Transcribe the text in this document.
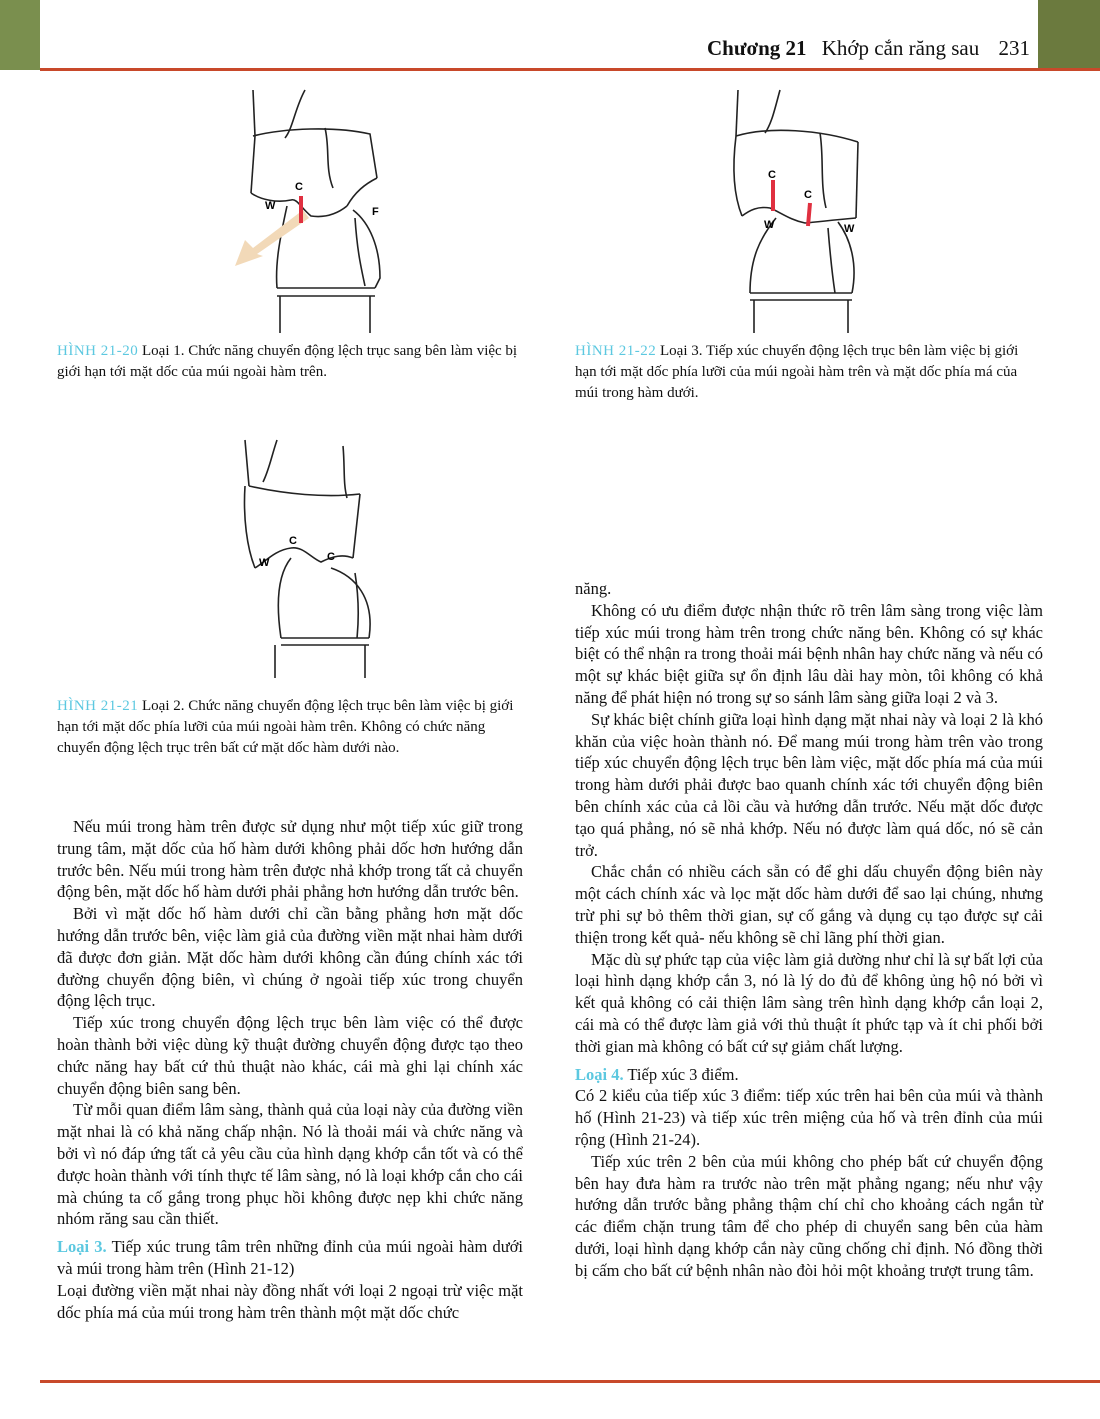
Chương 21 Khớp cắn răng sau 231
W
C
F
HÌNH 21-20 Loại 1. Chức năng chuyển động lệch trục sang bên làm việc bị giới hạn tới mặt dốc của múi ngoài hàm trên.
C
C
W	W
HÌNH 21-22 Loại 3. Tiếp xúc chuyển động lệch trục bên làm việc bị giới hạn tới mặt dốc phía lưỡi của múi ngoài hàm trên và mặt dốc phía má của múi trong hàm dưới.
W
C
C
HÌNH 21-21 Loại 2. Chức năng chuyển động lệch trục bên làm việc bị giới hạn tới mặt dốc phía lưỡi của múi ngoài hàm trên. Không có chức năng chuyển động lệch trục trên bất cứ mặt dốc hàm dưới nào.

Nếu múi trong hàm trên được sử dụng như một tiếp xúc giữ trong trung tâm, mặt dốc của hố hàm dưới không phải dốc hơn hướng dẫn trước bên. Nếu múi trong hàm trên được nhả khớp trong tất cả chuyển động bên, mặt dốc hố hàm dưới phải phẳng hơn hướng dẫn trước bên.

Bởi vì mặt dốc hố hàm dưới chỉ cần bằng phẳng hơn mặt dốc hướng dẫn trước bên, việc làm giả của đường viền mặt nhai hàm dưới đã được đơn giản. Mặt dốc hàm dưới không cần đúng chính xác tới đường chuyển động biên, vì chúng ở ngoài tiếp xúc trong chuyển động lệch trục.

Tiếp xúc trong chuyển động lệch trục bên làm việc có thể được hoàn thành bởi việc dùng kỹ thuật đường chuyển động được tạo theo chức năng hay bất cứ thủ thuật nào khác, cái mà ghi lại chính xác chuyển động biên sang bên.

Từ mỗi quan điểm lâm sàng, thành quả của loại này của đường viền mặt nhai là có khả năng chấp nhận. Nó là thoải mái và chức năng và bởi vì nó đáp ứng tất cả yêu cầu của hình dạng khớp cắn tốt và có thể được hoàn thành với tính thực tế lâm sàng, nó là loại khớp cắn cho cái mà chúng ta cố gắng trong phục hồi không được nẹp khi chức năng nhóm răng sau cần thiết.

Loại 3. Tiếp xúc trung tâm trên những đỉnh của múi ngoài hàm dưới và múi trong hàm trên (Hình 21-12)

Loại đường viền mặt nhai này đồng nhất với loại 2 ngoại trừ việc mặt dốc phía má của múi trong hàm trên thành một mặt dốc chức

năng.

Không có ưu điểm được nhận thức rõ trên lâm sàng trong việc làm tiếp xúc múi trong hàm trên trong chức năng bên. Không có sự khác biệt có thể nhận ra trong thoải mái bệnh nhân hay chức năng và nếu có một sự khác biệt giữa sự ổn định lâu dài hay mòn, tôi không có khả năng để phát hiện nó trong sự so sánh lâm sàng giữa loại 2 và 3.

Sự khác biệt chính giữa loại hình dạng mặt nhai này và loại 2 là khó khăn của việc hoàn thành nó. Để mang múi trong hàm trên vào trong tiếp xúc chuyển động lệch trục bên làm việc, mặt dốc phía má của múi trong hàm dưới phải được bao quanh chính xác tới chuyển động biên bên chính xác của cả lồi cầu và hướng dẫn trước. Nếu mặt dốc được tạo quá phẳng, nó sẽ nhả khớp. Nếu nó được làm quá dốc, nó sẽ cản trở.

Chắc chắn có nhiều cách sẵn có để ghi dấu chuyển động biên này một cách chính xác và lọc mặt dốc hàm dưới để sao lại chúng, nhưng trừ phi sự bỏ thêm thời gian, sự cố gắng và dụng cụ tạo được sự cải thiện trong kết quả- nếu không sẽ chỉ lãng phí thời gian.

Mặc dù sự phức tạp của việc làm giả dường như chỉ là sự bất lợi của loại hình dạng khớp cắn 3, nó là lý do đủ để không ủng hộ nó bởi vì kết quả không có cải thiện lâm sàng trên hình dạng khớp cắn loại 2, cái mà có thể được làm giả với thủ thuật ít phức tạp và ít chi phối bởi thời gian mà không có bất cứ sự giảm chất lượng.

Loại 4. Tiếp xúc 3 điểm.

Có 2 kiểu của tiếp xúc 3 điểm: tiếp xúc trên hai bên của múi và thành hố (Hình 21-23) và tiếp xúc trên miệng của hố và trên đỉnh của múi rộng (Hình 21-24).

Tiếp xúc trên 2 bên của múi không cho phép bất cứ chuyển động bên hay đưa hàm ra trước nào trên mặt phẳng ngang; nếu như vậy hướng dẫn trước bằng phẳng thậm chí chỉ cho khoảng cách ngắn từ các điểm chặn trung tâm để cho phép di chuyển sang bên của hàm dưới, loại hình dạng khớp cắn này cũng chống chỉ định. Nó đồng thời bị cấm cho bất cứ bệnh nhân nào đòi hỏi một khoảng trượt trung tâm.
